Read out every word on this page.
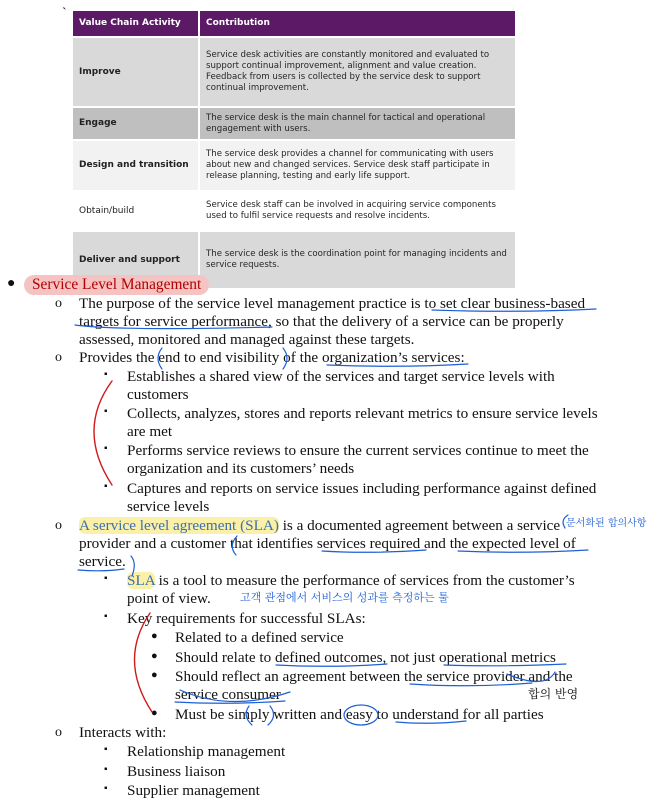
`
Value Chain Activity	Contribution
Improve	Service desk activities are constantly monitored and evaluated to support continual improvement, alignment and value creation. Feedback from users is collected by the service desk to support continual improvement.
Engage	The service desk is the main channel for tactical and operational engagement with users.
Design and transition	The service desk provides a channel for communicating with users about new and changed services. Service desk staff participate in release planning, testing and early life support.
Obtain/build	Service desk staff can be involved in acquiring service components used to fulfil service requests and resolve incidents.
Deliver and support	The service desk is the coordination point for managing incidents and service requests.
●	Service Level Management
o The purpose of the service level management practice is to set clear business-based
targets for service performance, so that the delivery of a service can be properly
assessed, monitored and managed against these targets.
o Provides the end to end visibility of the organization’s services:
▪ Establishes a shared view of the services and target service levels with
customers
▪ Collects, analyzes, stores and reports relevant metrics to ensure service levels
are met
▪ Performs service reviews to ensure the current services continue to meet the
organization and its customers’ needs
▪ Captures and reports on service issues including performance against defined
service levels
o A service level agreement (SLA) is a documented agreement between a service
provider and a customer that identifies services required and the expected level of
service.
▪ SLA is a tool to measure the performance of services from the customer’s
point of view.
▪ Key requirements for successful SLAs:
● Related to a defined service
● Should relate to defined outcomes, not just operational metrics
● Should reflect an agreement between the service provider and the
service consumer
● Must be simply written and easy to understand for all parties
o Interacts with:
▪ Relationship management
▪ Business liaison
▪ Supplier management
문서화된 합의사항
고객 관점에서 서비스의 성과를 측정하는 툴
합의 반영
